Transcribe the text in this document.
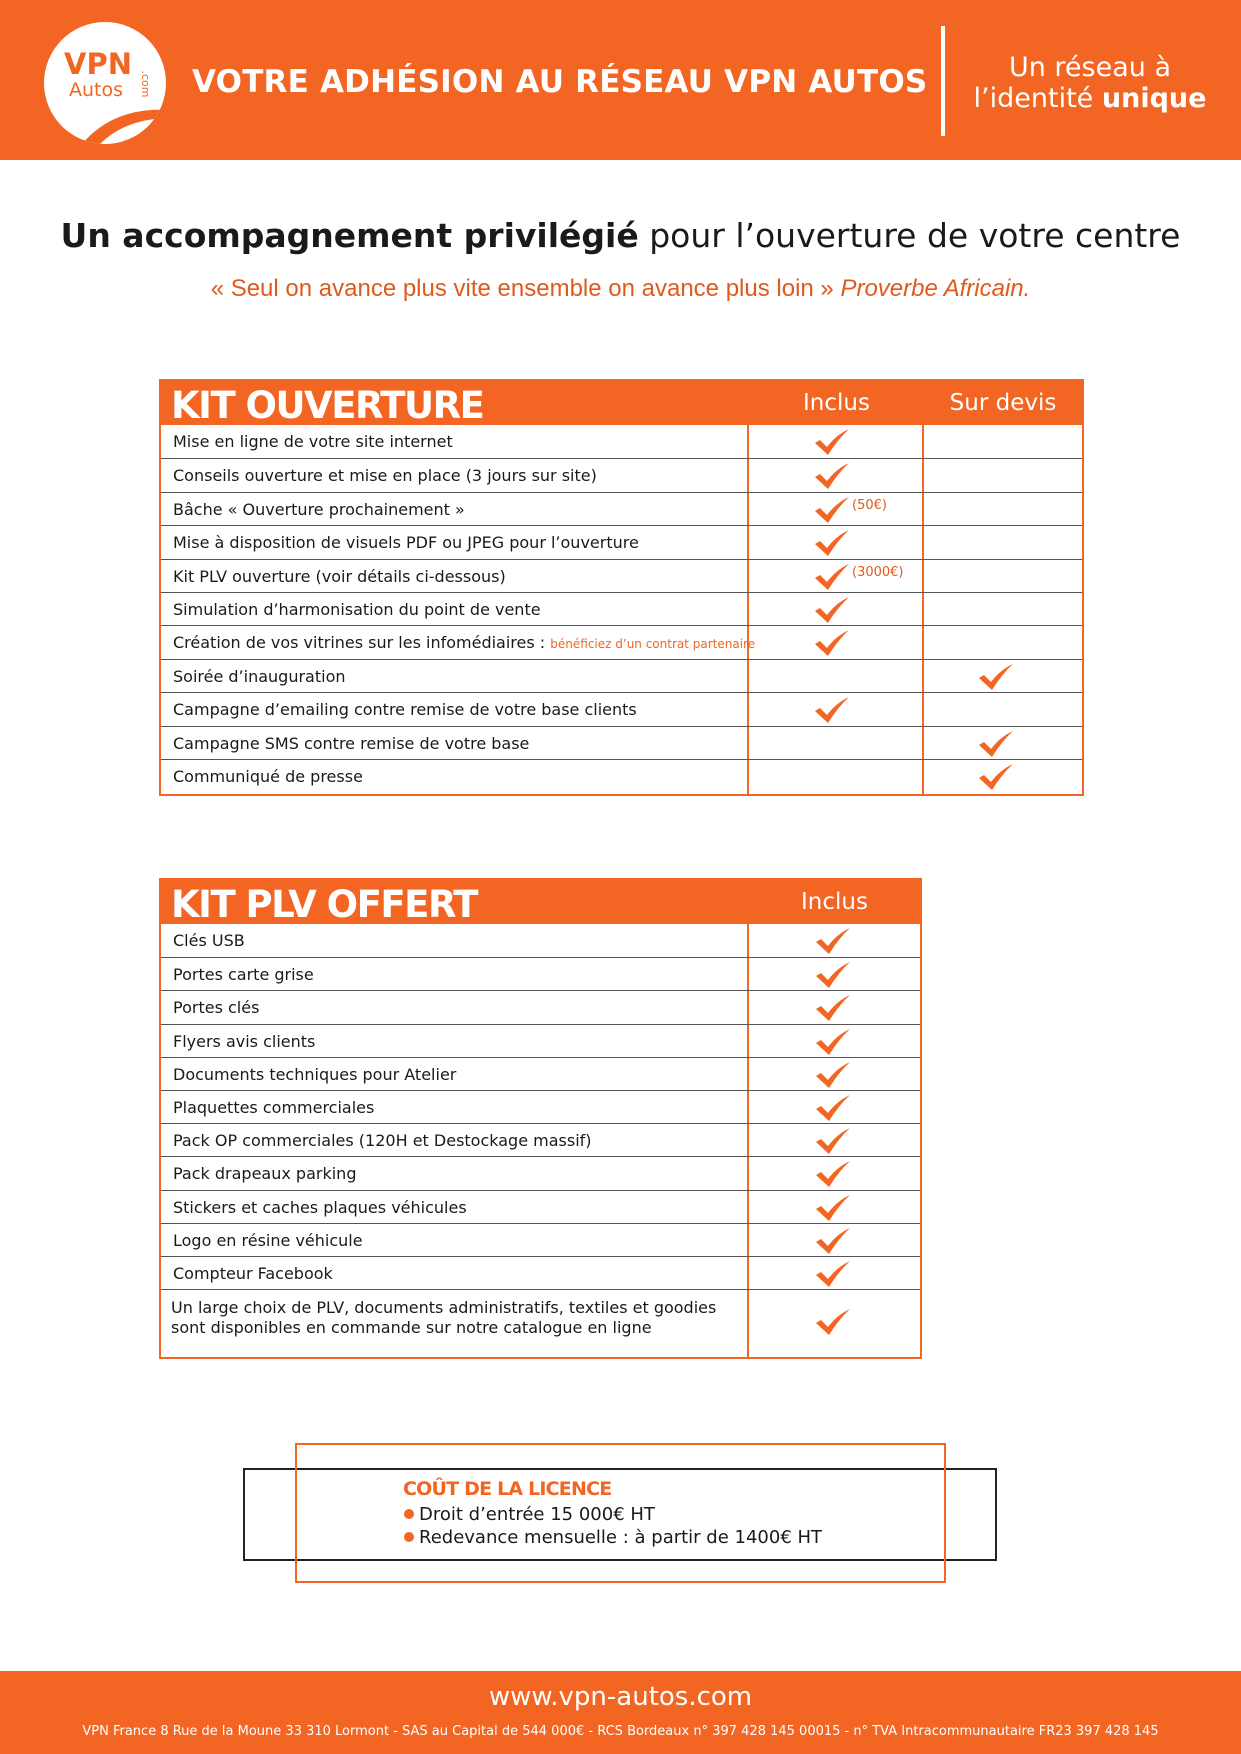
VPN
Autos .com VOTRE ADHÉSION AU RÉSEAU VPN AUTOS	Un réseau à
l’identité unique
Un accompagnement privilégié pour l’ouverture de votre centre
« Seul on avance plus vite ensemble on avance plus loin » Proverbe Africain.
KIT OUVERTURE	Inclus	Sur devis
Mise en ligne de votre site internet
Conseils ouverture et mise en place (3 jours sur site)
Bâche « Ouverture prochainement »	(50€)
Mise à disposition de visuels PDF ou JPEG pour l’ouverture
Kit PLV ouverture (voir détails ci-dessous)	(3000€)
Simulation d’harmonisation du point de vente
Création de vos vitrines sur les infomédiaires : bénéficiez d’un contrat partenaire
Soirée d’inauguration
Campagne d’emailing contre remise de votre base clients
Campagne SMS contre remise de votre base
Communiqué de presse
KIT PLV OFFERT	Inclus
Clés USB
Portes carte grise
Portes clés
Flyers avis clients
Documents techniques pour Atelier
Plaquettes commerciales
Pack OP commerciales (120H et Destockage massif)
Pack drapeaux parking
Stickers et caches plaques véhicules
Logo en résine véhicule
Compteur Facebook
Un large choix de PLV, documents administratifs, textiles et goodies sont disponibles en commande sur notre catalogue en ligne
COÛT DE LA LICENCE
Droit d’entrée 15 000€ HT
Redevance mensuelle : à partir de 1400€ HT
www.vpn-autos.com
VPN France 8 Rue de la Moune 33 310 Lormont - SAS au Capital de 544 000€ - RCS Bordeaux n° 397 428 145 00015 - n° TVA Intracommunautaire FR23 397 428 145
